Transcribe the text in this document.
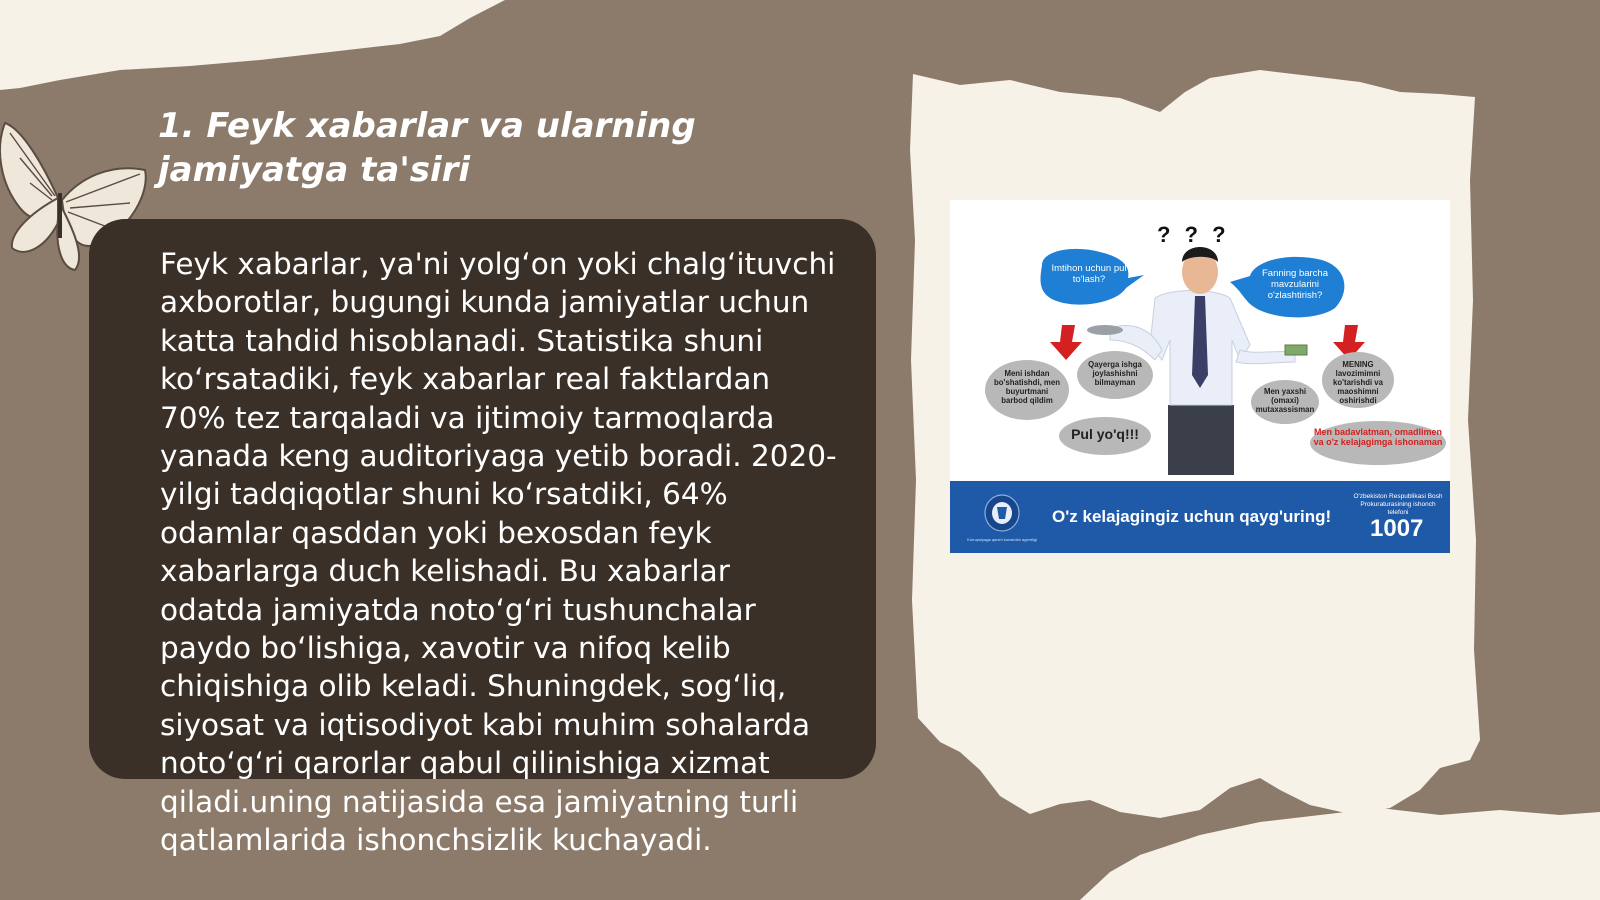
1. Feyk xabarlar va ularning
jamiyatga ta'siri

Feyk xabarlar, ya'ni yolg‘on yoki chalg‘ituvchi
axborotlar, bugungi kunda jamiyatlar uchun
katta tahdid hisoblanadi. Statistika shuni
ko‘rsatadiki, feyk xabarlar real faktlardan
70% tez tarqaladi va ijtimoiy tarmoqlarda
yanada keng auditoriyaga yetib boradi. 2020-
yilgi tadqiqotlar shuni ko‘rsatdiki, 64%
odamlar qasddan yoki bexosdan feyk
xabarlarga duch kelishadi. Bu xabarlar
odatda jamiyatda noto‘g‘ri tushunchalar
paydo bo‘lishiga, xavotir va nifoq kelib
chiqishiga olib keladi. Shuningdek, sog‘liq,
siyosat va iqtisodiyot kabi muhim sohalarda
noto‘g‘ri qarorlar qabul qilinishiga xizmat
qiladi.uning natijasida esa jamiyatning turli
qatlamlarida ishonchsizlik kuchayadi.

? ? ?
Imtihon uchun pul to'lash?
Fanning barcha mavzularini o'zlashtirish?
Meni ishdan bo'shatishdi, men buyurtmani barbod qildim
Qayerga ishga joylashishni bilmayman
Pul yo'q!!!
Men yaxshi (omaxi) mutaxassisman
MENING lavozimimni ko'tarishdi va maoshimni oshirishdi
Men badavlatman, omadlimen va o'z kelajagimga ishonaman
Korrupsiyaga qarshi kurashish agentligi
O'z kelajagingiz uchun qayg'uring!
O'zbekiston Respublikasi Bosh Prokuraturasining ishonch telefoni
1007
